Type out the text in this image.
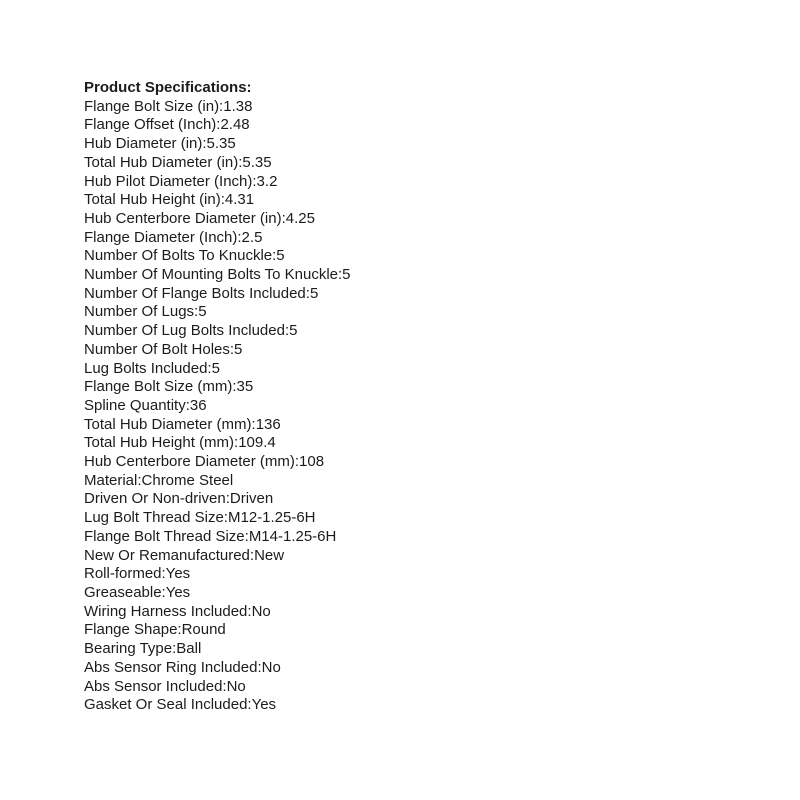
Product Specifications:
Flange Bolt Size (in):1.38
Flange Offset (Inch):2.48
Hub Diameter (in):5.35
Total Hub Diameter (in):5.35
Hub Pilot Diameter (Inch):3.2
Total Hub Height (in):4.31
Hub Centerbore Diameter (in):4.25
Flange Diameter (Inch):2.5
Number Of Bolts To Knuckle:5
Number Of Mounting Bolts To Knuckle:5
Number Of Flange Bolts Included:5
Number Of Lugs:5
Number Of Lug Bolts Included:5
Number Of Bolt Holes:5
Lug Bolts Included:5
Flange Bolt Size (mm):35
Spline Quantity:36
Total Hub Diameter (mm):136
Total Hub Height (mm):109.4
Hub Centerbore Diameter (mm):108
Material:Chrome Steel
Driven Or Non-driven:Driven
Lug Bolt Thread Size:M12-1.25-6H
Flange Bolt Thread Size:M14-1.25-6H
New Or Remanufactured:New
Roll-formed:Yes
Greaseable:Yes
Wiring Harness Included:No
Flange Shape:Round
Bearing Type:Ball
Abs Sensor Ring Included:No
Abs Sensor Included:No
Gasket Or Seal Included:Yes
